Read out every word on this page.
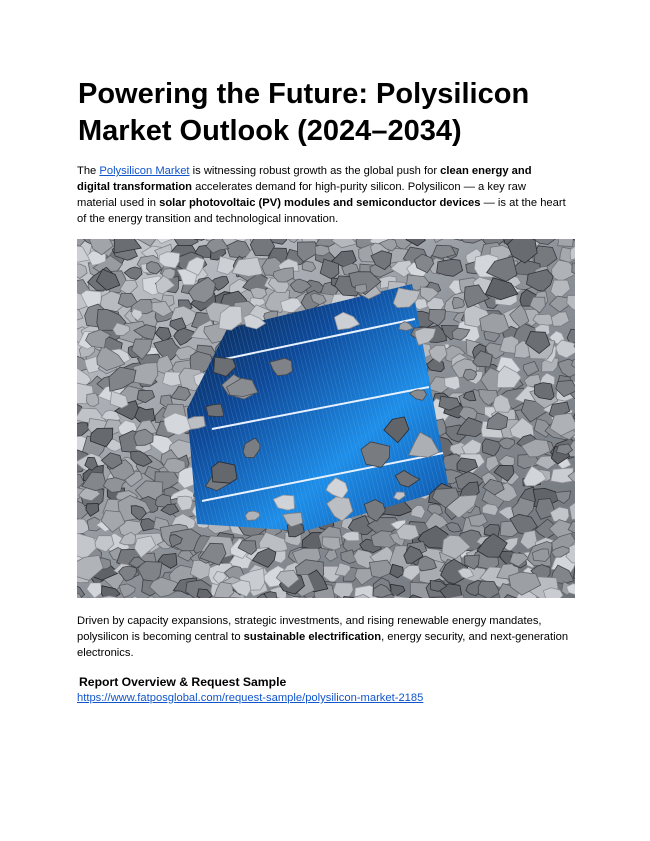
Powering the Future: Polysilicon Market Outlook (2024–2034)

The Polysilicon Market is witnessing robust growth as the global push for clean energy and digital transformation accelerates demand for high-purity silicon. Polysilicon — a key raw material used in solar photovoltaic (PV) modules and semiconductor devices — is at the heart of the energy transition and technological innovation.

Driven by capacity expansions, strategic investments, and rising renewable energy mandates, polysilicon is becoming central to sustainable electrification, energy security, and next-generation electronics.

Report Overview & Request Sample

https://www.fatposglobal.com/request-sample/polysilicon-market-2185
